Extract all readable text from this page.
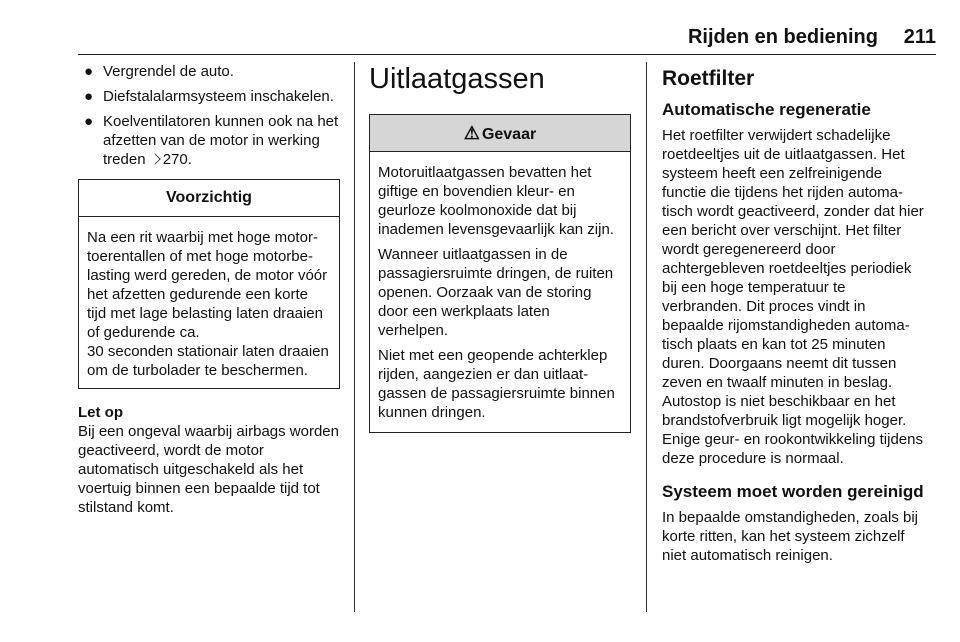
Rijden en bediening	211
● Vergrendel de auto.
● Diefstalalarmsysteem inschakelen.
● Koelventilatoren kunnen ook na het afzetten van de motor in werking treden 270.
Voorzichtig

Na een rit waarbij met hoge motortoerentallen of met hoge motorbelasting werd gereden, de motor vóór het afzetten gedurende een korte tijd met lage belasting laten draaien of gedurende ca.

30 seconden stationair laten draaien om de turbolader te beschermen.

Let op

Bij een ongeval waarbij airbags worden geactiveerd, wordt de motor automatisch uitgeschakeld als het voertuig binnen een bepaalde tijd tot stilstand komt.

Uitlaatgassen
⚠ Gevaar

Motoruitlaatgassen bevatten het giftige en bovendien kleur- en geurloze koolmonoxide dat bij inademen levensgevaarlijk kan zijn.

Wanneer uitlaatgassen in de passagiersruimte dringen, de ruiten openen. Oorzaak van de storing door een werkplaats laten verhelpen.

Niet met een geopende achterklep rijden, aangezien er dan uitlaatgassen de passagiersruimte binnen kunnen dringen.

Roetfilter
Automatische regeneratie

Het roetfilter verwijdert schadelijke roetdeeltjes uit de uitlaatgassen. Het systeem heeft een zelfreinigende functie die tijdens het rijden automatisch wordt geactiveerd, zonder dat hier een bericht over verschijnt. Het filter wordt geregenereerd door achtergebleven roetdeeltjes periodiek bij een hoge temperatuur te verbranden. Dit proces vindt in bepaalde rijomstandigheden automatisch plaats en kan tot 25 minuten duren. Doorgaans neemt dit tussen zeven en twaalf minuten in beslag. Autostop is niet beschikbaar en het brandstofverbruik ligt mogelijk hoger. Enige geur- en rookontwikkeling tijdens deze procedure is normaal.

Systeem moet worden gereinigd

In bepaalde omstandigheden, zoals bij korte ritten, kan het systeem zichzelf niet automatisch reinigen.
